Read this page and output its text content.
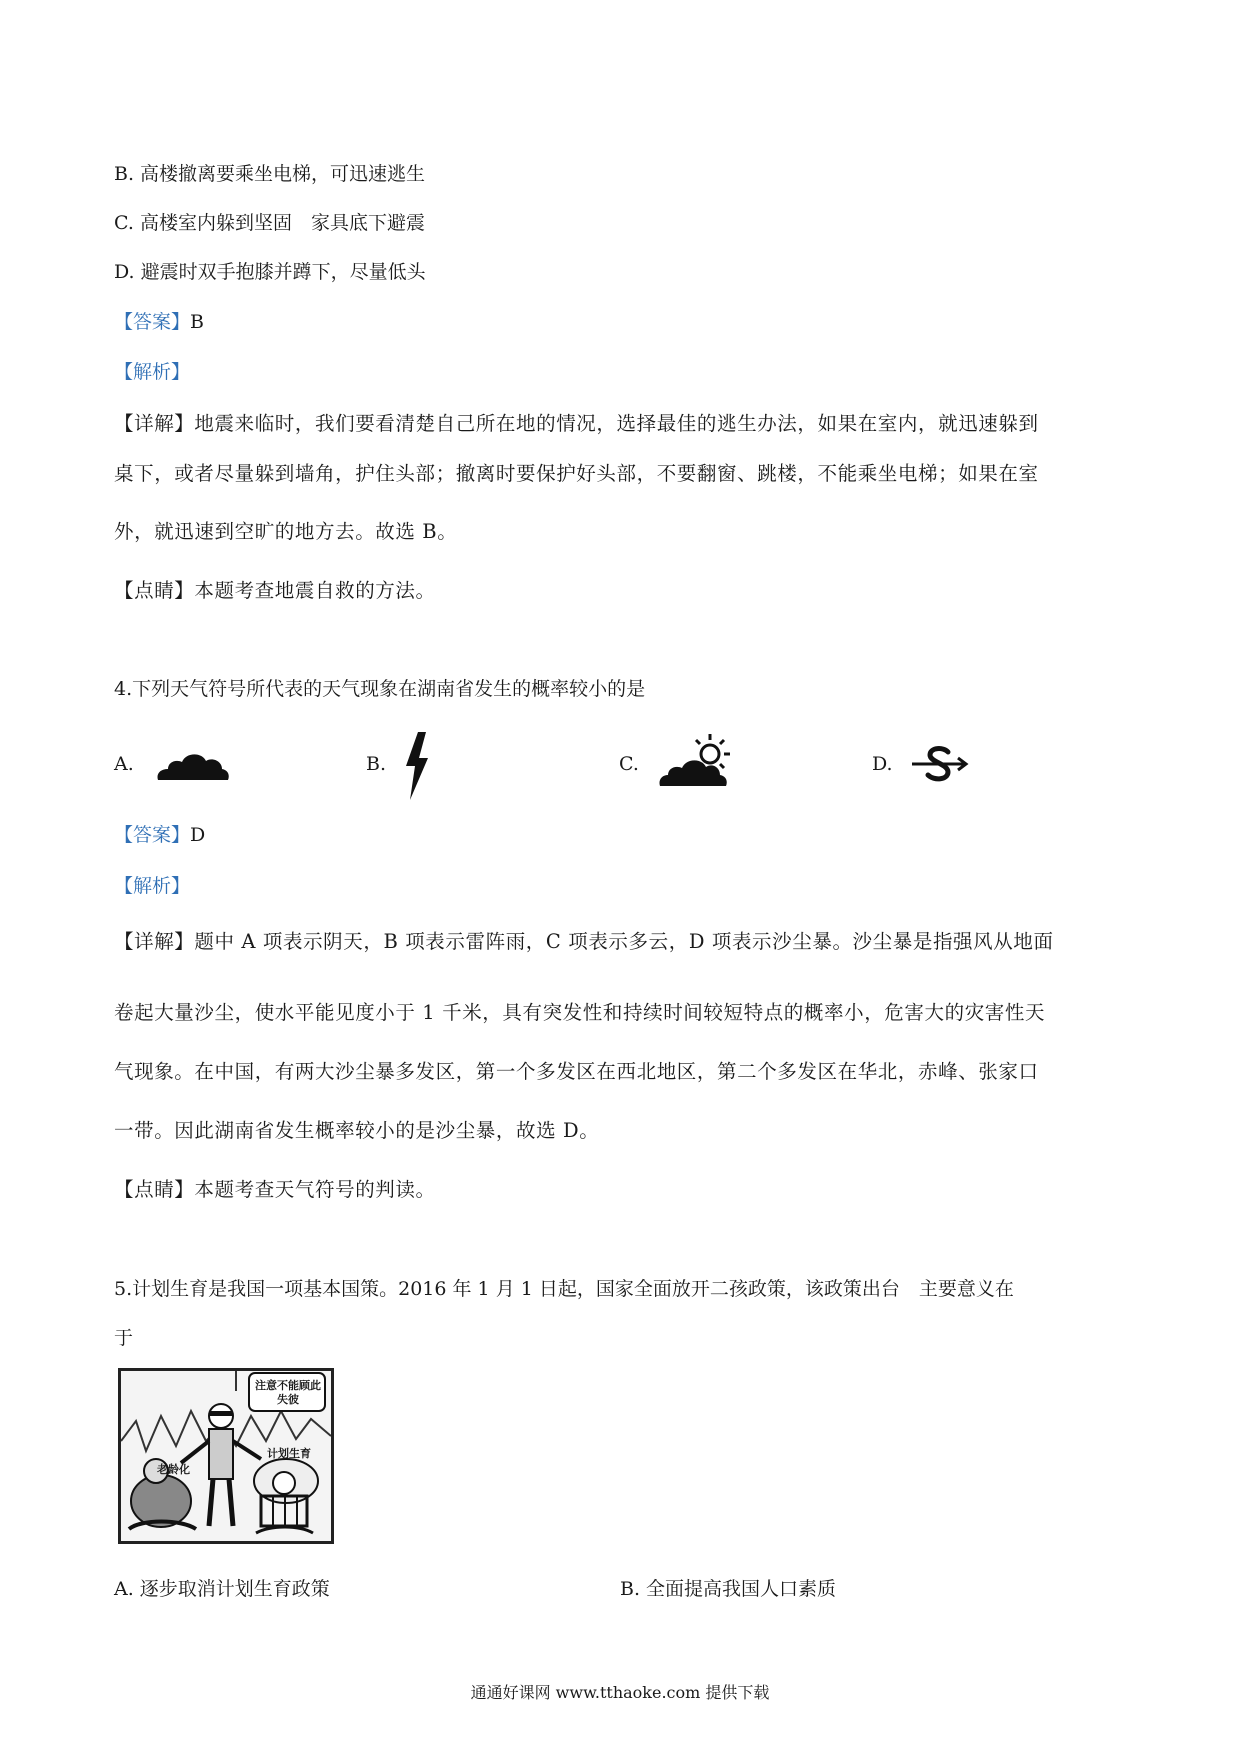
B. 高楼撤离要乘坐电梯，可迅速逃生
C. 高楼室内躲到坚固　家具底下避震
D. 避震时双手抱膝并蹲下，尽量低头
【答案】B
【解析】
【详解】地震来临时，我们要看清楚自己所在地的情况，选择最佳的逃生办法，如果在室内，就迅速躲到
桌下，或者尽量躲到墙角，护住头部；撤离时要保护好头部，不要翻窗、跳楼，不能乘坐电梯；如果在室
外，就迅速到空旷的地方去。故选 B。
【点睛】本题考查地震自救的方法。
4.下列天气符号所代表的天气现象在湖南省发生的概率较小的是
A.	B.	C.	D.
【答案】D
【解析】
【详解】题中 A 项表示阴天，B 项表示雷阵雨，C 项表示多云，D 项表示沙尘暴。沙尘暴是指强风从地面
卷起大量沙尘，使水平能见度小于 1 千米，具有突发性和持续时间较短特点的概率小，危害大的灾害性天
气现象。在中国，有两大沙尘暴多发区，第一个多发区在西北地区，第二个多发区在华北，赤峰、张家口
一带。因此湖南省发生概率较小的是沙尘暴，故选 D。
【点睛】本题考查天气符号的判读。
5.计划生育是我国一项基本国策。2016 年 1 月 1 日起，国家全面放开二孩政策，该政策出台　主要意义在
于
注意不能顾此失彼
老龄化
计划生育
A. 逐步取消计划生育政策	B. 全面提高我国人口素质
通通好课网 www.tthaoke.com 提供下载
